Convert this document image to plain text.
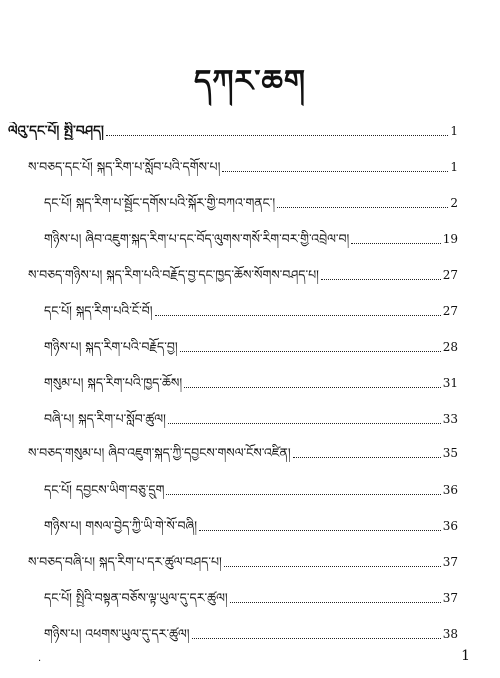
དཀར་ཆག
ལེའུ་དང་པོ། སྤྱི་བཤད།	1
ས་བཅད་དང་པོ། སྐད་རིག་པ་སློབ་པའི་དགོས་པ།	1
དང་པོ། སྐད་རིག་པ་སྦྱོང་དགོས་པའི་སྐོར་གྱི་བཀའ་གནང་།	2
གཉིས་པ། ཞིབ་འཇུག་སྐད་རིག་པ་དང་བོད་ལུགས་གསོ་རིག་བར་གྱི་འབྲེལ་བ།	19
ས་བཅད་གཉིས་པ། སྐད་རིག་པའི་བརྗོད་བྱ་དང་ཁྱད་ཆོས་སོགས་བཤད་པ།	27
དང་པོ། སྐད་རིག་པའི་ངོ་བོ།	27
གཉིས་པ། སྐད་རིག་པའི་བརྗོད་བྱ།	28
གསུམ་པ། སྐད་རིག་པའི་ཁྱད་ཆོས།	31
བཞི་པ། སྐད་རིག་པ་སློབ་ཚུལ།	33
ས་བཅད་གསུམ་པ། ཞིབ་འཇུག་སྐད་ཀྱི་དབྱངས་གསལ་ངོས་འཛིན།	35
དང་པོ། དབྱངས་ཡིག་བཅུ་དྲུག	36
གཉིས་པ། གསལ་བྱེད་ཀྱི་ཡི་གེ་སོ་བཞི།	36
ས་བཅད་བཞི་པ། སྐད་རིག་པ་དར་ཚུལ་བཤད་པ།	37
དང་པོ། སྤྱིའི་བསྟན་བཅོས་ལྟ་ཡུལ་དུ་དར་ཚུལ།	37
གཉིས་པ། འཕགས་ཡུལ་དུ་དར་ཚུལ།	38
·	1
